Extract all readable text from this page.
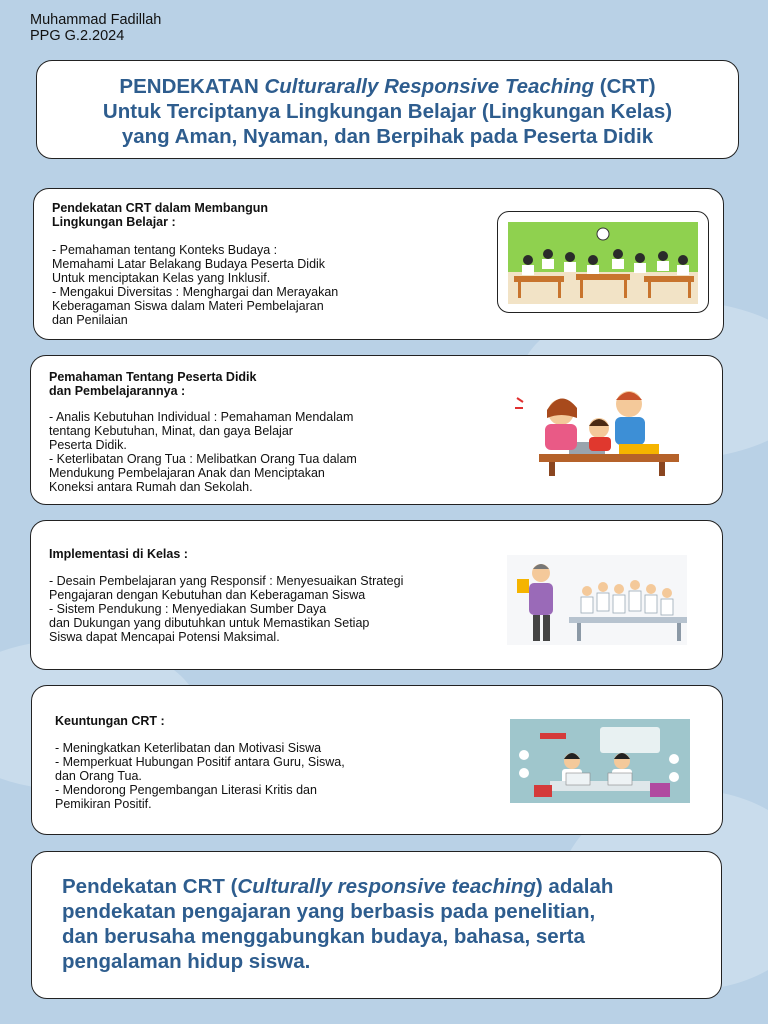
Muhammad Fadillah
PPG G.2.2024
PENDEKATAN Culturarally Responsive Teaching (CRT)
Untuk Terciptanya Lingkungan Belajar (Lingkungan Kelas)
yang Aman, Nyaman, dan Berpihak pada Peserta Didik
Pendekatan CRT dalam Membangun
Lingkungan Belajar :
- Pemahaman tentang Konteks Budaya :
Memahami Latar Belakang Budaya Peserta Didik
Untuk menciptakan Kelas yang Inklusif.
- Mengakui Diversitas : Menghargai dan Merayakan
Keberagaman Siswa dalam Materi Pembelajaran
dan Penilaian
Pemahaman Tentang Peserta Didik
dan Pembelajarannya :
- Analis Kebutuhan Individual : Pemahaman Mendalam
tentang Kebutuhan, Minat, dan gaya Belajar
Peserta Didik.
- Keterlibatan Orang Tua : Melibatkan Orang Tua dalam
Mendukung Pembelajaran Anak dan Menciptakan
Koneksi antara Rumah dan Sekolah.
Implementasi di Kelas :
- Desain Pembelajaran yang Responsif : Menyesuaikan Strategi
Pengajaran dengan Kebutuhan dan Keberagaman Siswa
- Sistem Pendukung : Menyediakan Sumber Daya
dan Dukungan yang dibutuhkan untuk Memastikan Setiap
Siswa dapat Mencapai Potensi Maksimal.
Keuntungan CRT :
- Meningkatkan Keterlibatan dan Motivasi Siswa
- Memperkuat Hubungan Positif antara Guru, Siswa,
dan Orang Tua.
- Mendorong Pengembangan Literasi Kritis dan
Pemikiran Positif.
Pendekatan CRT (Culturally responsive teaching) adalah
pendekatan pengajaran yang berbasis pada penelitian,
dan berusaha menggabungkan budaya, bahasa, serta
pengalaman hidup siswa.
